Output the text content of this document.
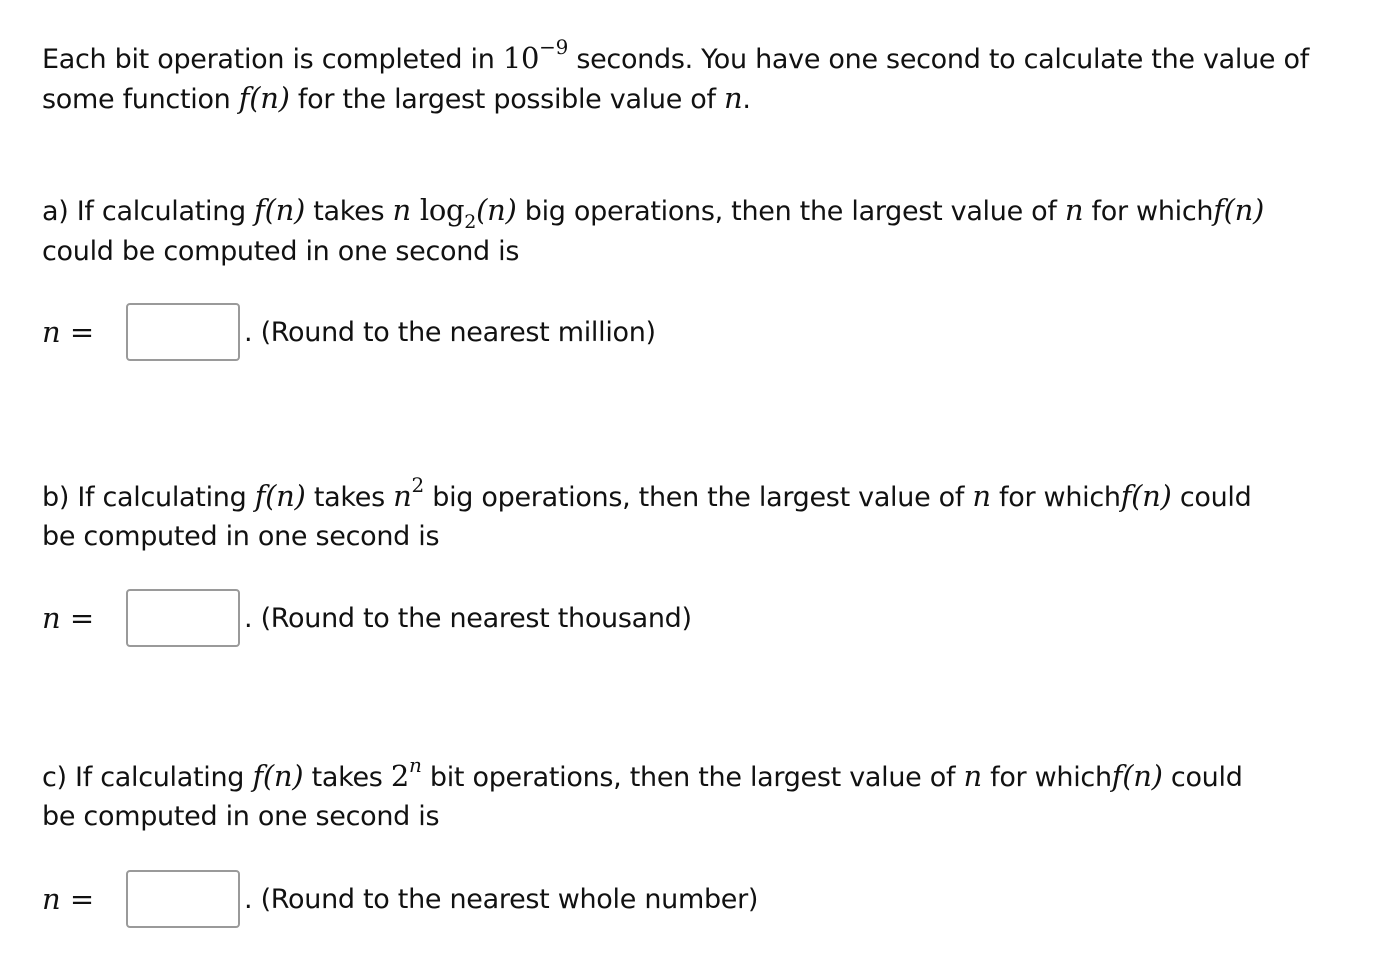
Each bit operation is completed in $10^{-9}$ seconds. You have one second to calculate the value of
some function f(n) for the largest possible value of n.
a) If calculating f(n) takes n $\log_2(n)$ big operations, then the largest value of n for whichf(n)
could be computed in one second is
n =	. (Round to the nearest million)
b) If calculating f(n) takes $n^2$ big operations, then the largest value of n for whichf(n) could
be computed in one second is
n =	. (Round to the nearest thousand)
c) If calculating f(n) takes 2$^n$ bit operations, then the largest value of n for whichf(n) could
be computed in one second is
n =	. (Round to the nearest whole number)
